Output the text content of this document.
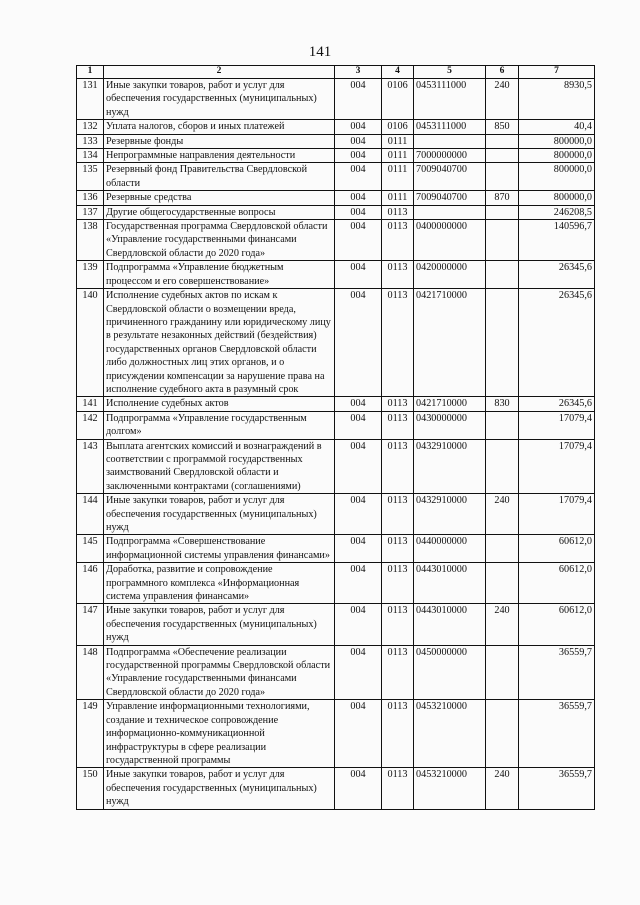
141
1	2	3	4	5	6	7
131	Иные закупки товаров, работ и услуг для обеспечения государственных (муниципальных) нужд	004	0106	0453111000	240	8930,5
132	Уплата налогов, сборов и иных платежей	004	0106	0453111000	850	40,4
133	Резервные фонды	004	0111			800000,0
134	Непрограммные направления деятельности	004	0111	7000000000		800000,0
135	Резервный фонд Правительства Свердловской области	004	0111	7009040700		800000,0
136	Резервные средства	004	0111	7009040700	870	800000,0
137	Другие общегосударственные вопросы	004	0113			246208,5
138	Государственная программа Свердловской области «Управление государственными финансами Свердловской области до 2020 года»	004	0113	0400000000		140596,7
139	Подпрограмма «Управление бюджетным процессом и его совершенствование»	004	0113	0420000000		26345,6
140	Исполнение судебных актов по искам к Свердловской области о возмещении вреда, причиненного гражданину или юридическому лицу в результате незаконных действий (бездействия) государственных органов Свердловской области либо должностных лиц этих органов, и о присуждении компенсации за нарушение права на исполнение судебного акта в разумный срок	004	0113	0421710000		26345,6
141	Исполнение судебных актов	004	0113	0421710000	830	26345,6
142	Подпрограмма «Управление государственным долгом»	004	0113	0430000000		17079,4
143	Выплата агентских комиссий и вознаграждений в соответствии с программой государственных заимствований Свердловской области и заключенными контрактами (соглашениями)	004	0113	0432910000		17079,4
144	Иные закупки товаров, работ и услуг для обеспечения государственных (муниципальных) нужд	004	0113	0432910000	240	17079,4
145	Подпрограмма «Совершенствование информационной системы управления финансами»	004	0113	0440000000		60612,0
146	Доработка, развитие и сопровождение программного комплекса «Информационная система управления финансами»	004	0113	0443010000		60612,0
147	Иные закупки товаров, работ и услуг для обеспечения государственных (муниципальных) нужд	004	0113	0443010000	240	60612,0
148	Подпрограмма «Обеспечение реализации государственной программы Свердловской области «Управление государственными финансами Свердловской области до 2020 года»	004	0113	0450000000		36559,7
149	Управление информационными технологиями, создание и техническое сопровождение информационно-коммуникационной инфраструктуры в сфере реализации государственной программы	004	0113	0453210000		36559,7
150	Иные закупки товаров, работ и услуг для обеспечения государственных (муниципальных) нужд	004	0113	0453210000	240	36559,7
